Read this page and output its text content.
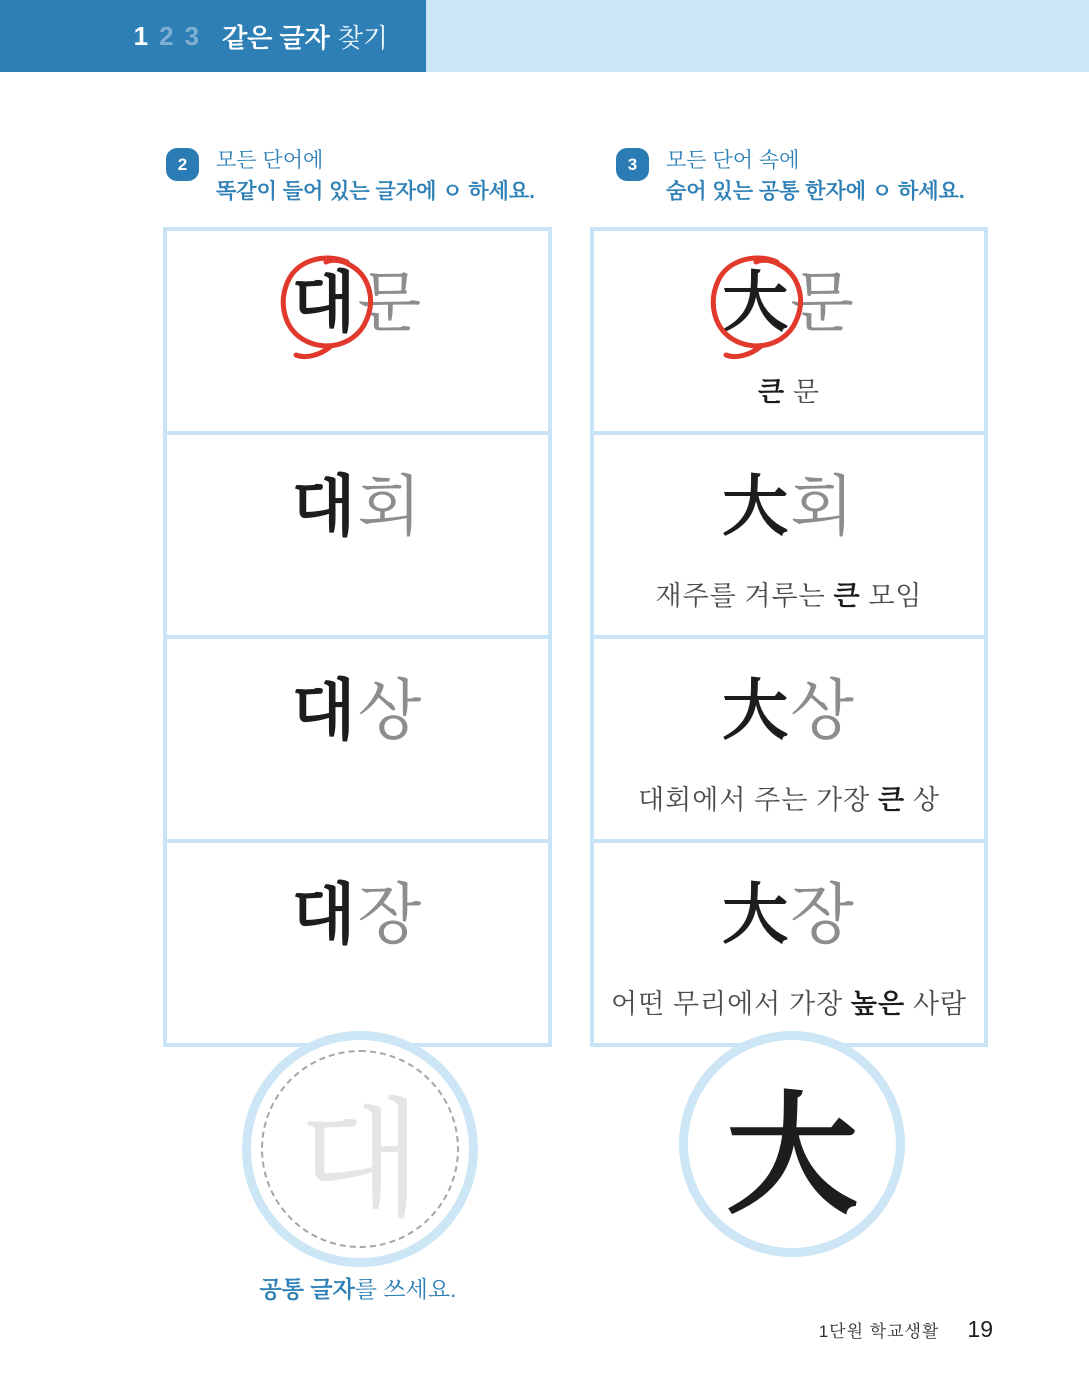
1 2 3 같은 글자 찾기
2	모든 단어에
똑같이 들어 있는 글자에 ㅇ 하세요.
3	모든 단어 속에
숨어 있는 공통 한자에 ㅇ 하세요.
대문
대회
대상
대장
大문
큰 문
大회
재주를 겨루는 큰 모임
大상
대회에서 주는 가장 큰 상
大장
어떤 무리에서 가장 높은 사람
대	大
공통 글자를 쓰세요.
1단원 학교생활 19
